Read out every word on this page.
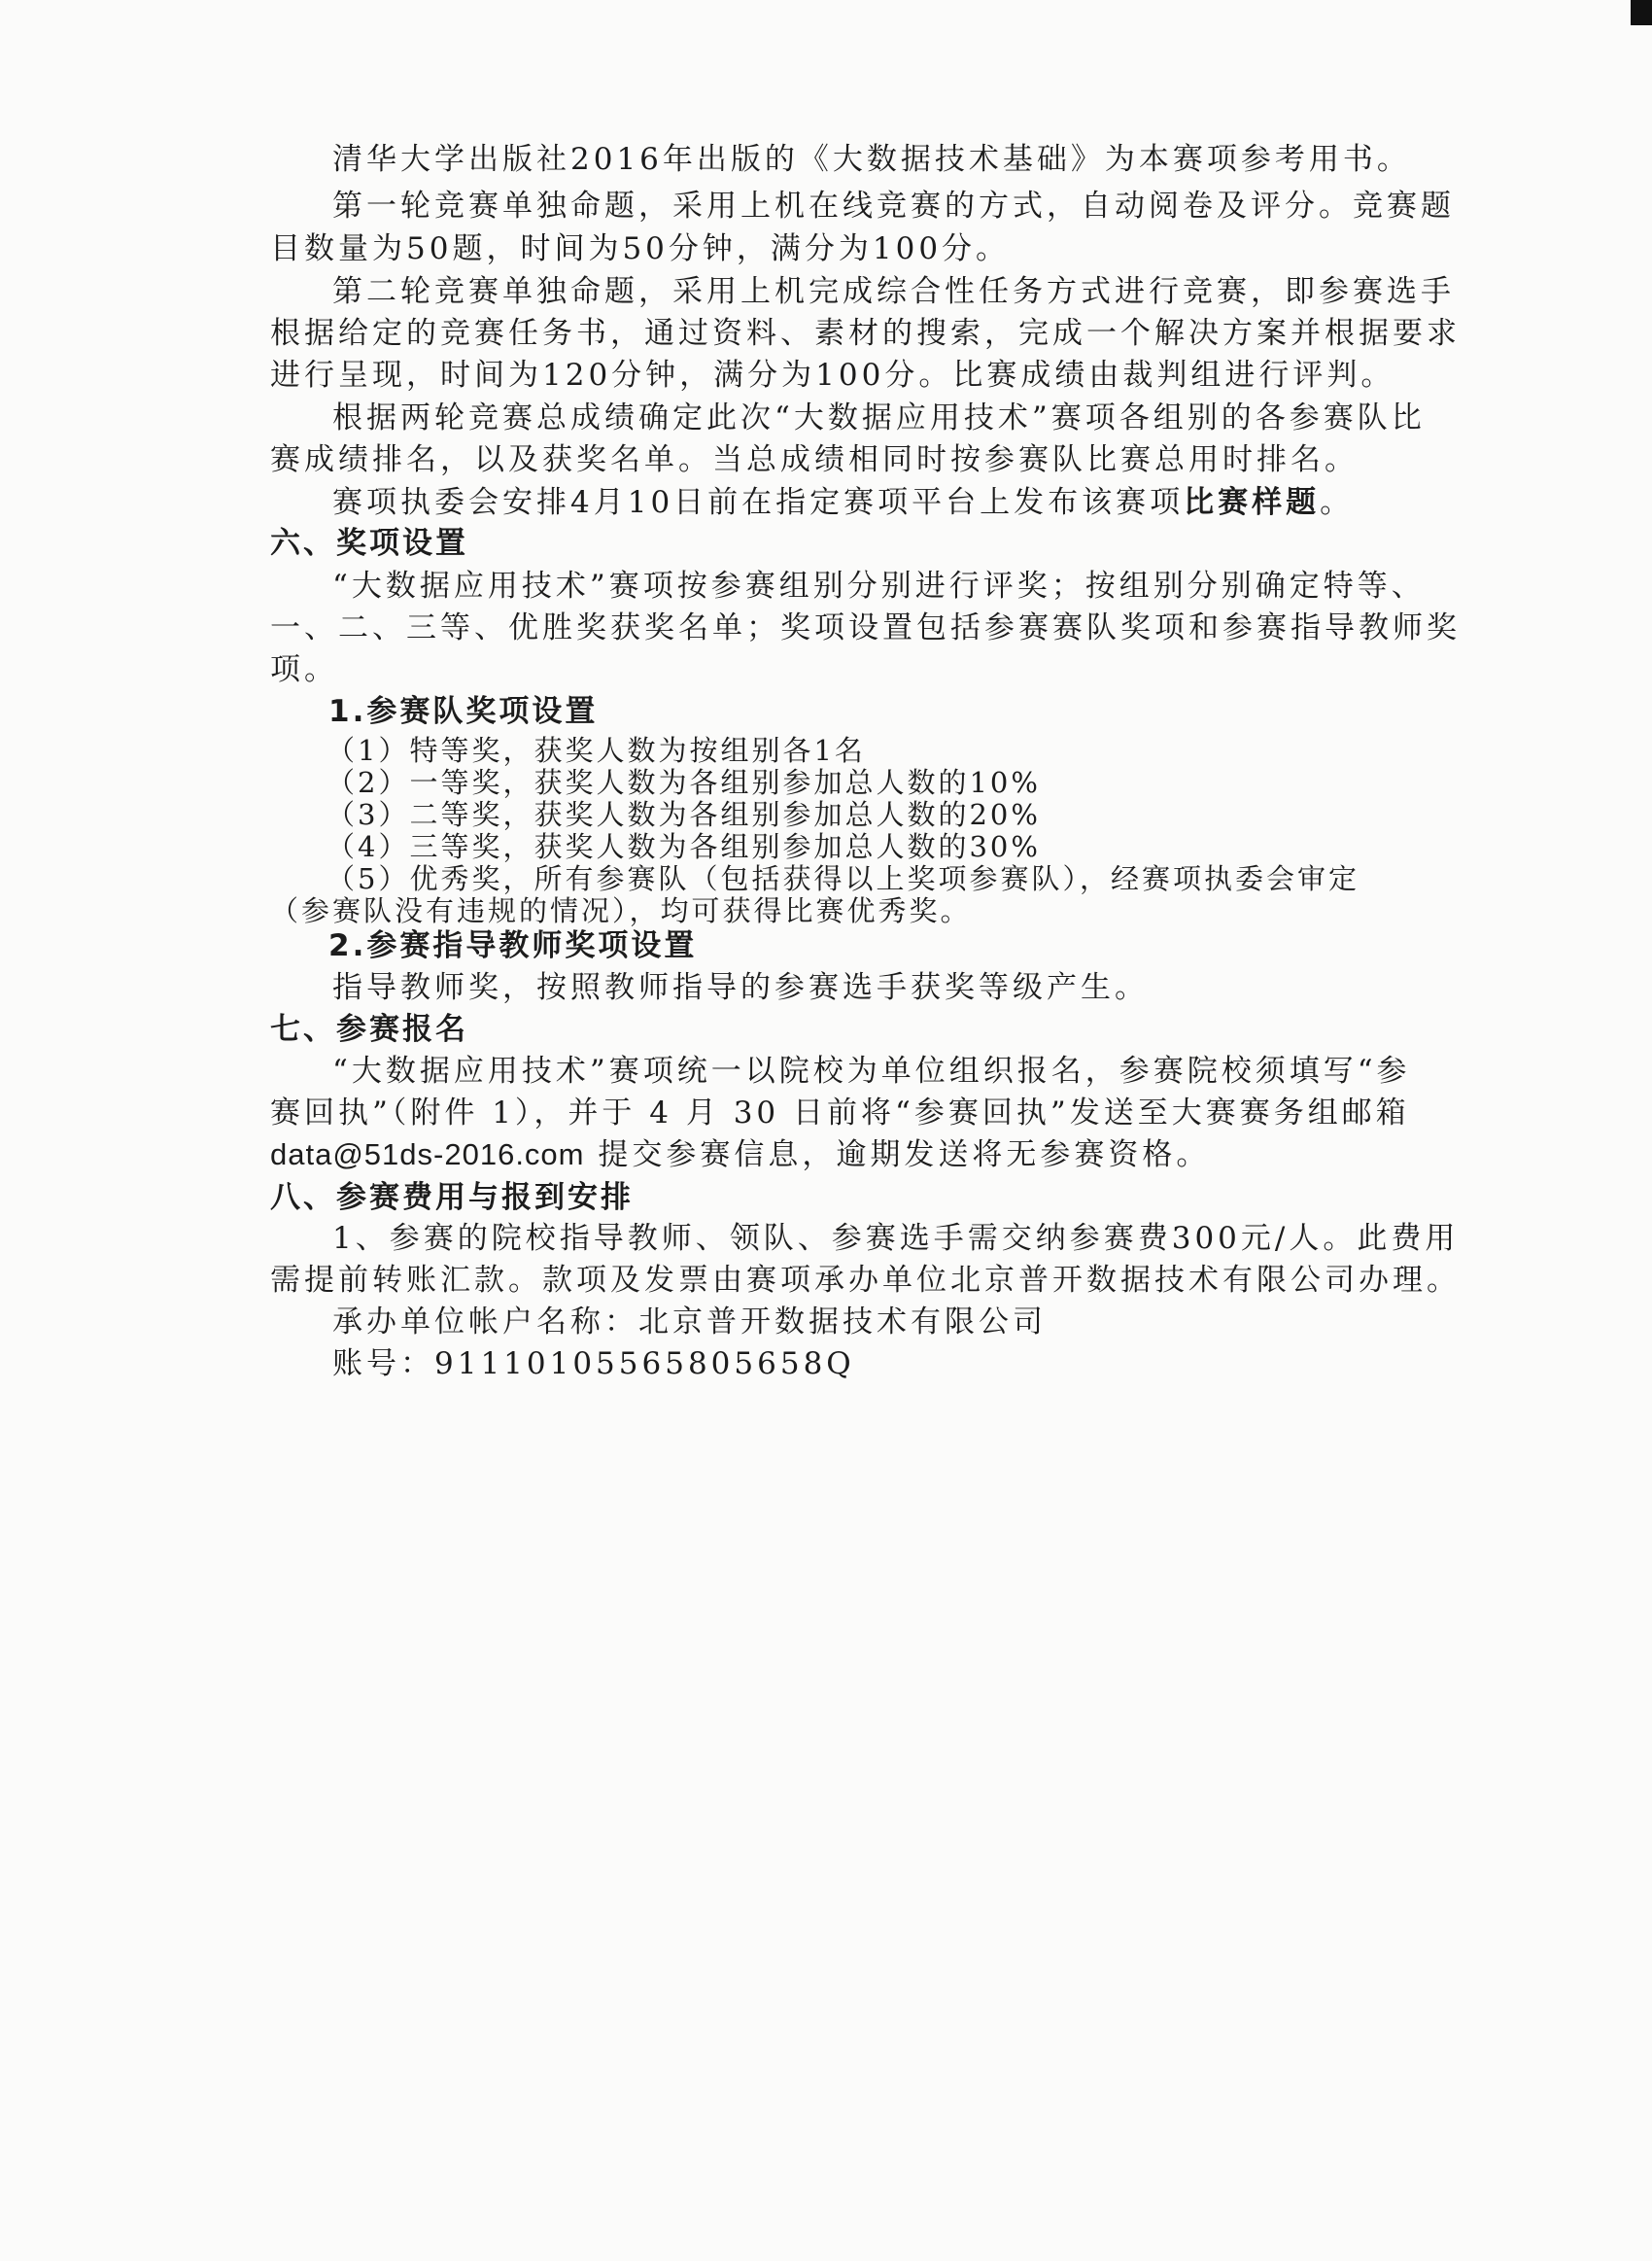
清华大学出版社2016年出版的《大数据技术基础》为本赛项参考用书。

第一轮竞赛单独命题，采用上机在线竞赛的方式，自动阅卷及评分。竞赛题

目数量为50题，时间为50分钟，满分为100分。

第二轮竞赛单独命题，采用上机完成综合性任务方式进行竞赛，即参赛选手

根据给定的竞赛任务书，通过资料、素材的搜索，完成一个解决方案并根据要求

进行呈现，时间为120分钟，满分为100分。比赛成绩由裁判组进行评判。

根据两轮竞赛总成绩确定此次“大数据应用技术”赛项各组别的各参赛队比

赛成绩排名，以及获奖名单。当总成绩相同时按参赛队比赛总用时排名。

赛项执委会安排4月10日前在指定赛项平台上发布该赛项比赛样题。

六、奖项设置

“大数据应用技术”赛项按参赛组别分别进行评奖；按组别分别确定特等、

一、二、三等、优胜奖获奖名单；奖项设置包括参赛赛队奖项和参赛指导教师奖

项。

1.参赛队奖项设置

（1）特等奖，获奖人数为按组别各1名

（2）一等奖，获奖人数为各组别参加总人数的10%

（3）二等奖，获奖人数为各组别参加总人数的20%

（4）三等奖，获奖人数为各组别参加总人数的30%

（5）优秀奖，所有参赛队（包括获得以上奖项参赛队），经赛项执委会审定

（参赛队没有违规的情况），均可获得比赛优秀奖。

2.参赛指导教师奖项设置

指导教师奖，按照教师指导的参赛选手获奖等级产生。

七、参赛报名

“大数据应用技术”赛项统一以院校为单位组织报名，参赛院校须填写“参

赛回执”（附件 1），并于 4 月 30 日前将“参赛回执”发送至大赛赛务组邮箱

data@51ds-2016.com 提交参赛信息，逾期发送将无参赛资格。

八、参赛费用与报到安排

1、参赛的院校指导教师、领队、参赛选手需交纳参赛费300元/人。此费用

需提前转账汇款。款项及发票由赛项承办单位北京普开数据技术有限公司办理。

承办单位帐户名称：北京普开数据技术有限公司

账号：91110105565805658Q
